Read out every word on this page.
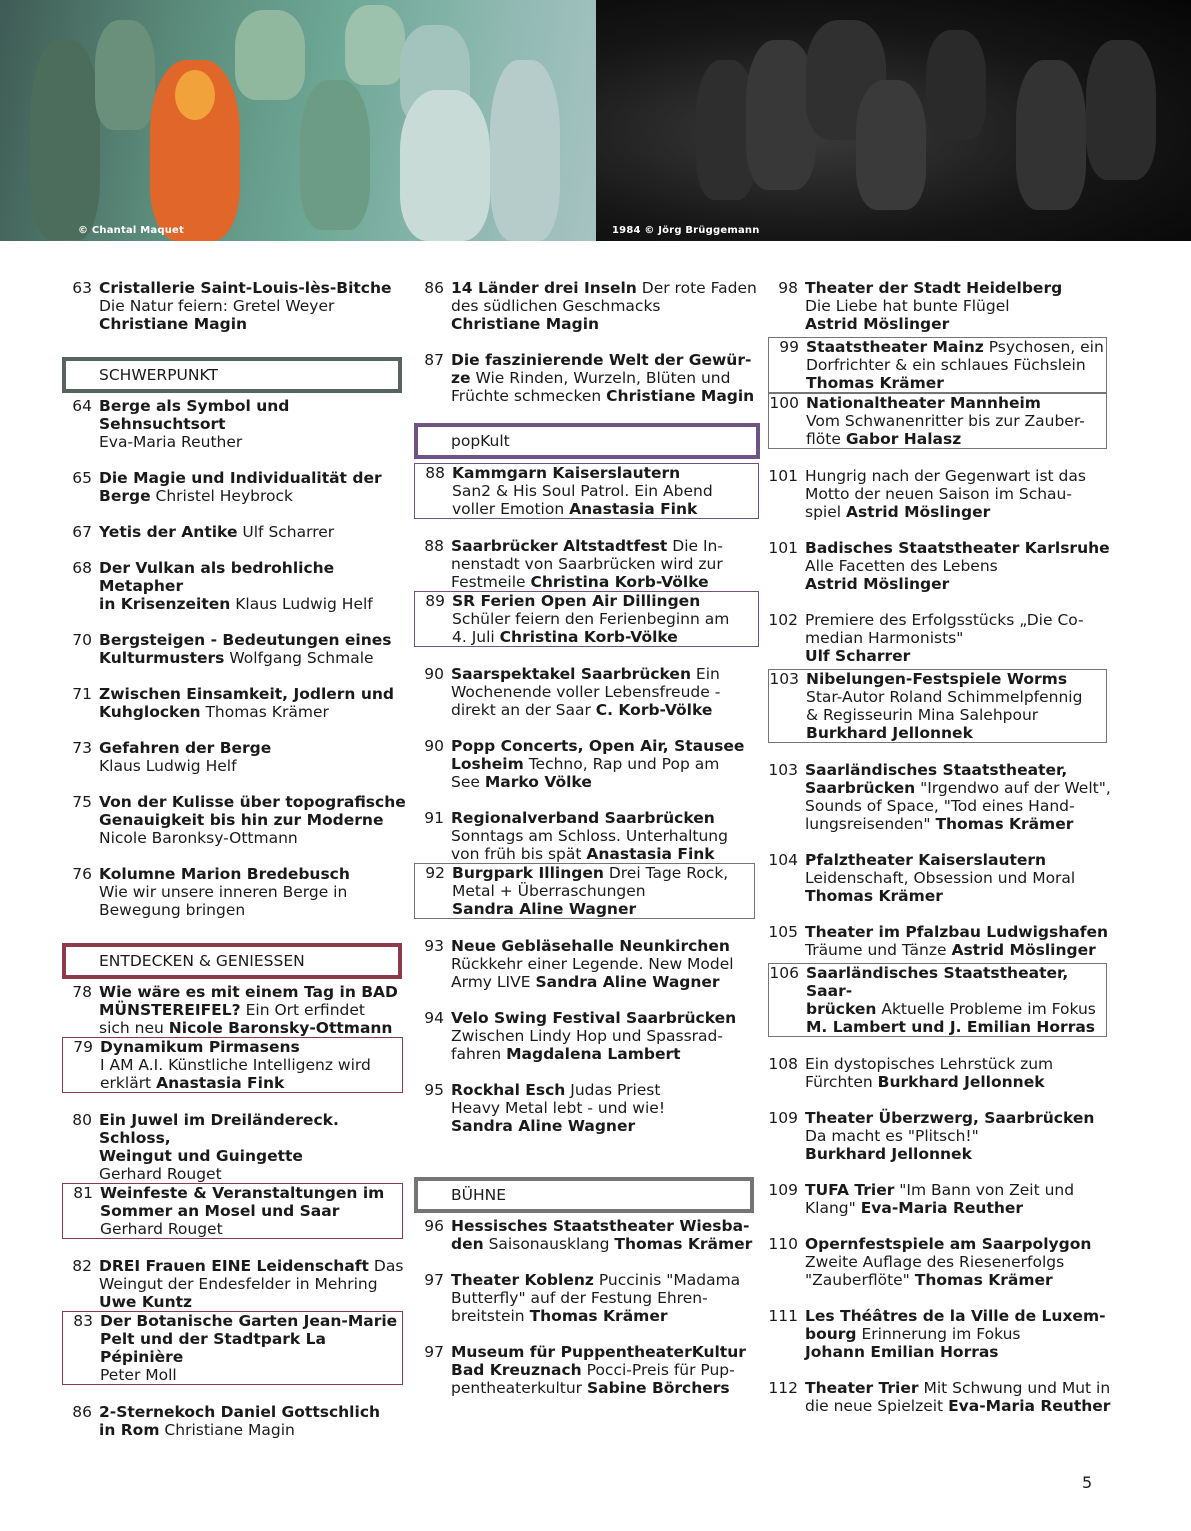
© Chantal Maquet	1984 © Jörg Brüggemann
63 Cristallerie Saint-Louis-lès-Bitche
Die Natur feiern: Gretel Weyer
Christiane Magin
SCHWERPUNKT
64 Berge als Symbol und Sehnsuchtsort
Eva-Maria Reuther
65 Die Magie und Individualität der
Berge Christel Heybrock
67 Yetis der Antike Ulf Scharrer
68 Der Vulkan als bedrohliche Metapher
in Krisenzeiten Klaus Ludwig Helf
70 Bergsteigen - Bedeutungen eines
Kulturmusters Wolfgang Schmale
71 Zwischen Einsamkeit, Jodlern und
Kuhglocken Thomas Krämer
73 Gefahren der Berge
Klaus Ludwig Helf
75 Von der Kulisse über topografische
Genauigkeit bis hin zur Moderne
Nicole Baronksy-Ottmann
76 Kolumne Marion Bredebusch
Wie wir unsere inneren Berge in
Bewegung bringen
ENTDECKEN & GENIESSEN
78 Wie wäre es mit einem Tag in BAD
MÜNSTEREIFEL? Ein Ort erfindet
sich neu Nicole Baronsky-Ottmann
79 Dynamikum Pirmasens
I AM A.I. Künstliche Intelligenz wird
erklärt Anastasia Fink
80 Ein Juwel im Dreiländereck. Schloss,
Weingut und Guingette
Gerhard Rouget
81 Weinfeste & Veranstaltungen im
Sommer an Mosel und Saar
Gerhard Rouget
82 DREI Frauen EINE Leidenschaft Das
Weingut der Endesfelder in Mehring
Uwe Kuntz
83 Der Botanische Garten Jean-Marie
Pelt und der Stadtpark La Pépinière
Peter Moll
86 2-Sternekoch Daniel Gottschlich
in Rom Christiane Magin
86 14 Länder drei Inseln Der rote Faden
des südlichen Geschmacks
Christiane Magin
87 Die faszinierende Welt der Gewür-
ze Wie Rinden, Wurzeln, Blüten und
Früchte schmecken Christiane Magin
popKult
88 Kammgarn Kaiserslautern
San2 & His Soul Patrol. Ein Abend
voller Emotion Anastasia Fink
88 Saarbrücker Altstadtfest Die In-
nenstadt von Saarbrücken wird zur
Festmeile Christina Korb-Völke
89 SR Ferien Open Air Dillingen
Schüler feiern den Ferienbeginn am
4. Juli Christina Korb-Völke
90 Saarspektakel Saarbrücken Ein
Wochenende voller Lebensfreude -
direkt an der Saar C. Korb-Völke
90 Popp Concerts, Open Air, Stausee
Losheim Techno, Rap und Pop am
See Marko Völke
91 Regionalverband Saarbrücken
Sonntags am Schloss. Unterhaltung
von früh bis spät Anastasia Fink
92 Burgpark Illingen Drei Tage Rock,
Metal + Überraschungen
Sandra Aline Wagner
93 Neue Gebläsehalle Neunkirchen
Rückkehr einer Legende. New Model
Army LIVE Sandra Aline Wagner
94 Velo Swing Festival Saarbrücken
Zwischen Lindy Hop und Spassrad-
fahren Magdalena Lambert
95 Rockhal Esch Judas Priest
Heavy Metal lebt - und wie!
Sandra Aline Wagner
BÜHNE
96 Hessisches Staatstheater Wiesba-
den Saisonausklang Thomas Krämer
97 Theater Koblenz Puccinis "Madama
Butterfly" auf der Festung Ehren-
breitstein Thomas Krämer
97 Museum für PuppentheaterKultur
Bad Kreuznach Pocci-Preis für Pup-
pentheaterkultur Sabine Börchers
98 Theater der Stadt Heidelberg
Die Liebe hat bunte Flügel
Astrid Möslinger
99 Staatstheater Mainz Psychosen, ein
Dorfrichter & ein schlaues Füchslein
Thomas Krämer
100 Nationaltheater Mannheim
Vom Schwanenritter bis zur Zauber-
flöte Gabor Halasz
101 Hungrig nach der Gegenwart ist das
Motto der neuen Saison im Schau-
spiel Astrid Möslinger
101 Badisches Staatstheater Karlsruhe
Alle Facetten des Lebens
Astrid Möslinger
102 Premiere des Erfolgsstücks „Die Co-
median Harmonists"
Ulf Scharrer
103 Nibelungen-Festspiele Worms
Star-Autor Roland Schimmelpfennig
& Regisseurin Mina Salehpour
Burkhard Jellonnek
103 Saarländisches Staatstheater,
Saarbrücken "Irgendwo auf der Welt",
Sounds of Space, "Tod eines Hand-
lungsreisenden" Thomas Krämer
104 Pfalztheater Kaiserslautern
Leidenschaft, Obsession und Moral
Thomas Krämer
105 Theater im Pfalzbau Ludwigshafen
Träume und Tänze Astrid Möslinger
106 Saarländisches Staatstheater, Saar-
brücken Aktuelle Probleme im Fokus
M. Lambert und J. Emilian Horras
108 Ein dystopisches Lehrstück zum
Fürchten Burkhard Jellonnek
109 Theater Überzwerg, Saarbrücken
Da macht es "Plitsch!"
Burkhard Jellonnek
109 TUFA Trier "Im Bann von Zeit und
Klang" Eva-Maria Reuther
110 Opernfestspiele am Saarpolygon
Zweite Auflage des Riesenerfolgs
"Zauberflöte" Thomas Krämer
111 Les Théâtres de la Ville de Luxem-
bourg Erinnerung im Fokus
Johann Emilian Horras
112 Theater Trier Mit Schwung und Mut in
die neue Spielzeit Eva-Maria Reuther
5
